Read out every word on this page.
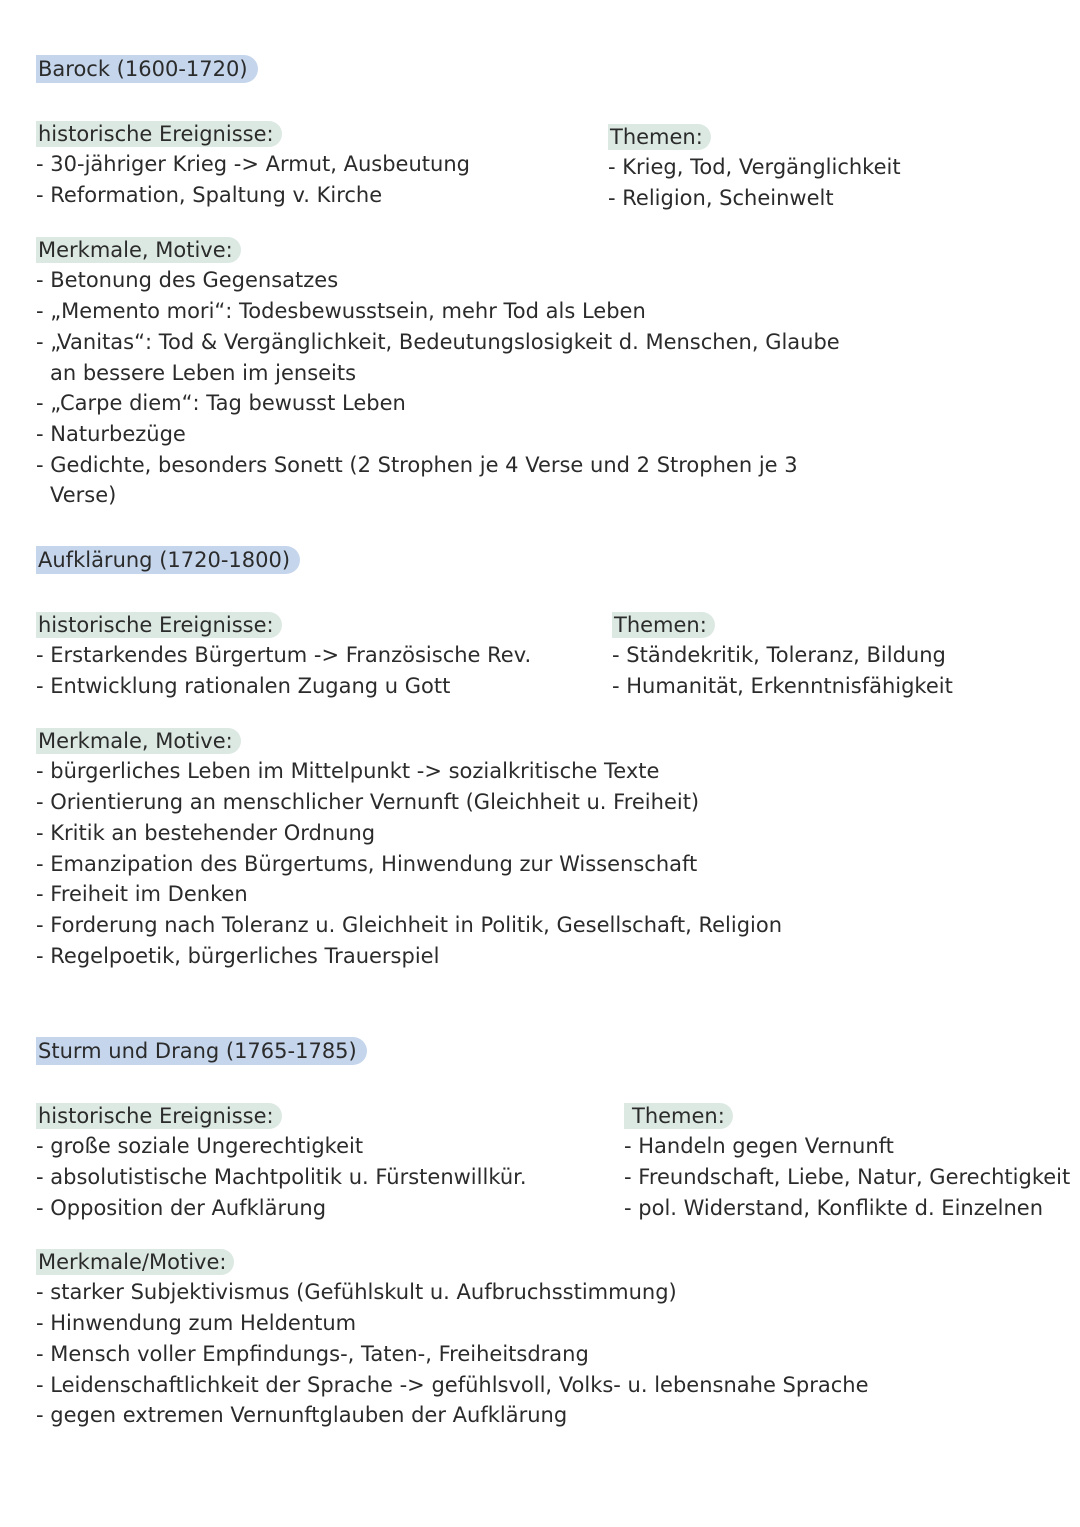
Barock (1600-1720)
historische Ereignisse:
- 30-jähriger Krieg -> Armut, Ausbeutung
- Reformation, Spaltung v. Kirche
Themen:
- Krieg, Tod, Vergänglichkeit
- Religion, Scheinwelt
Merkmale, Motive:
- Betonung des Gegensatzes
- „Memento mori“: Todesbewusstsein, mehr Tod als Leben
- „Vanitas“: Tod & Vergänglichkeit, Bedeutungslosigkeit d. Menschen, Glaube an bessere Leben im jenseits
- „Carpe diem“: Tag bewusst Leben
- Naturbezüge
- Gedichte, besonders Sonett (2 Strophen je 4 Verse und 2 Strophen je 3 Verse)
Aufklärung (1720-1800)
historische Ereignisse:
- Erstarkendes Bürgertum -> Französische Rev.
- Entwicklung rationalen Zugang u Gott
Themen:
- Ständekritik, Toleranz, Bildung
- Humanität, Erkenntnisfähigkeit
Merkmale, Motive:
- bürgerliches Leben im Mittelpunkt -> sozialkritische Texte
- Orientierung an menschlicher Vernunft (Gleichheit u. Freiheit)
- Kritik an bestehender Ordnung
- Emanzipation des Bürgertums, Hinwendung zur Wissenschaft
- Freiheit im Denken
- Forderung nach Toleranz u. Gleichheit in Politik, Gesellschaft, Religion
- Regelpoetik, bürgerliches Trauerspiel
Sturm und Drang (1765-1785)
historische Ereignisse:
- große soziale Ungerechtigkeit
- absolutistische Machtpolitik u. Fürstenwillkür.
- Opposition der Aufklärung
Themen:
- Handeln gegen Vernunft
- Freundschaft, Liebe, Natur, Gerechtigkeit
- pol. Widerstand, Konflikte d. Einzelnen
Merkmale/Motive:
- starker Subjektivismus (Gefühlskult u. Aufbruchsstimmung)
- Hinwendung zum Heldentum
- Mensch voller Empfindungs-, Taten-, Freiheitsdrang
- Leidenschaftlichkeit der Sprache -> gefühlsvoll, Volks- u. lebensnahe Sprache
- gegen extremen Vernunftglauben der Aufklärung
